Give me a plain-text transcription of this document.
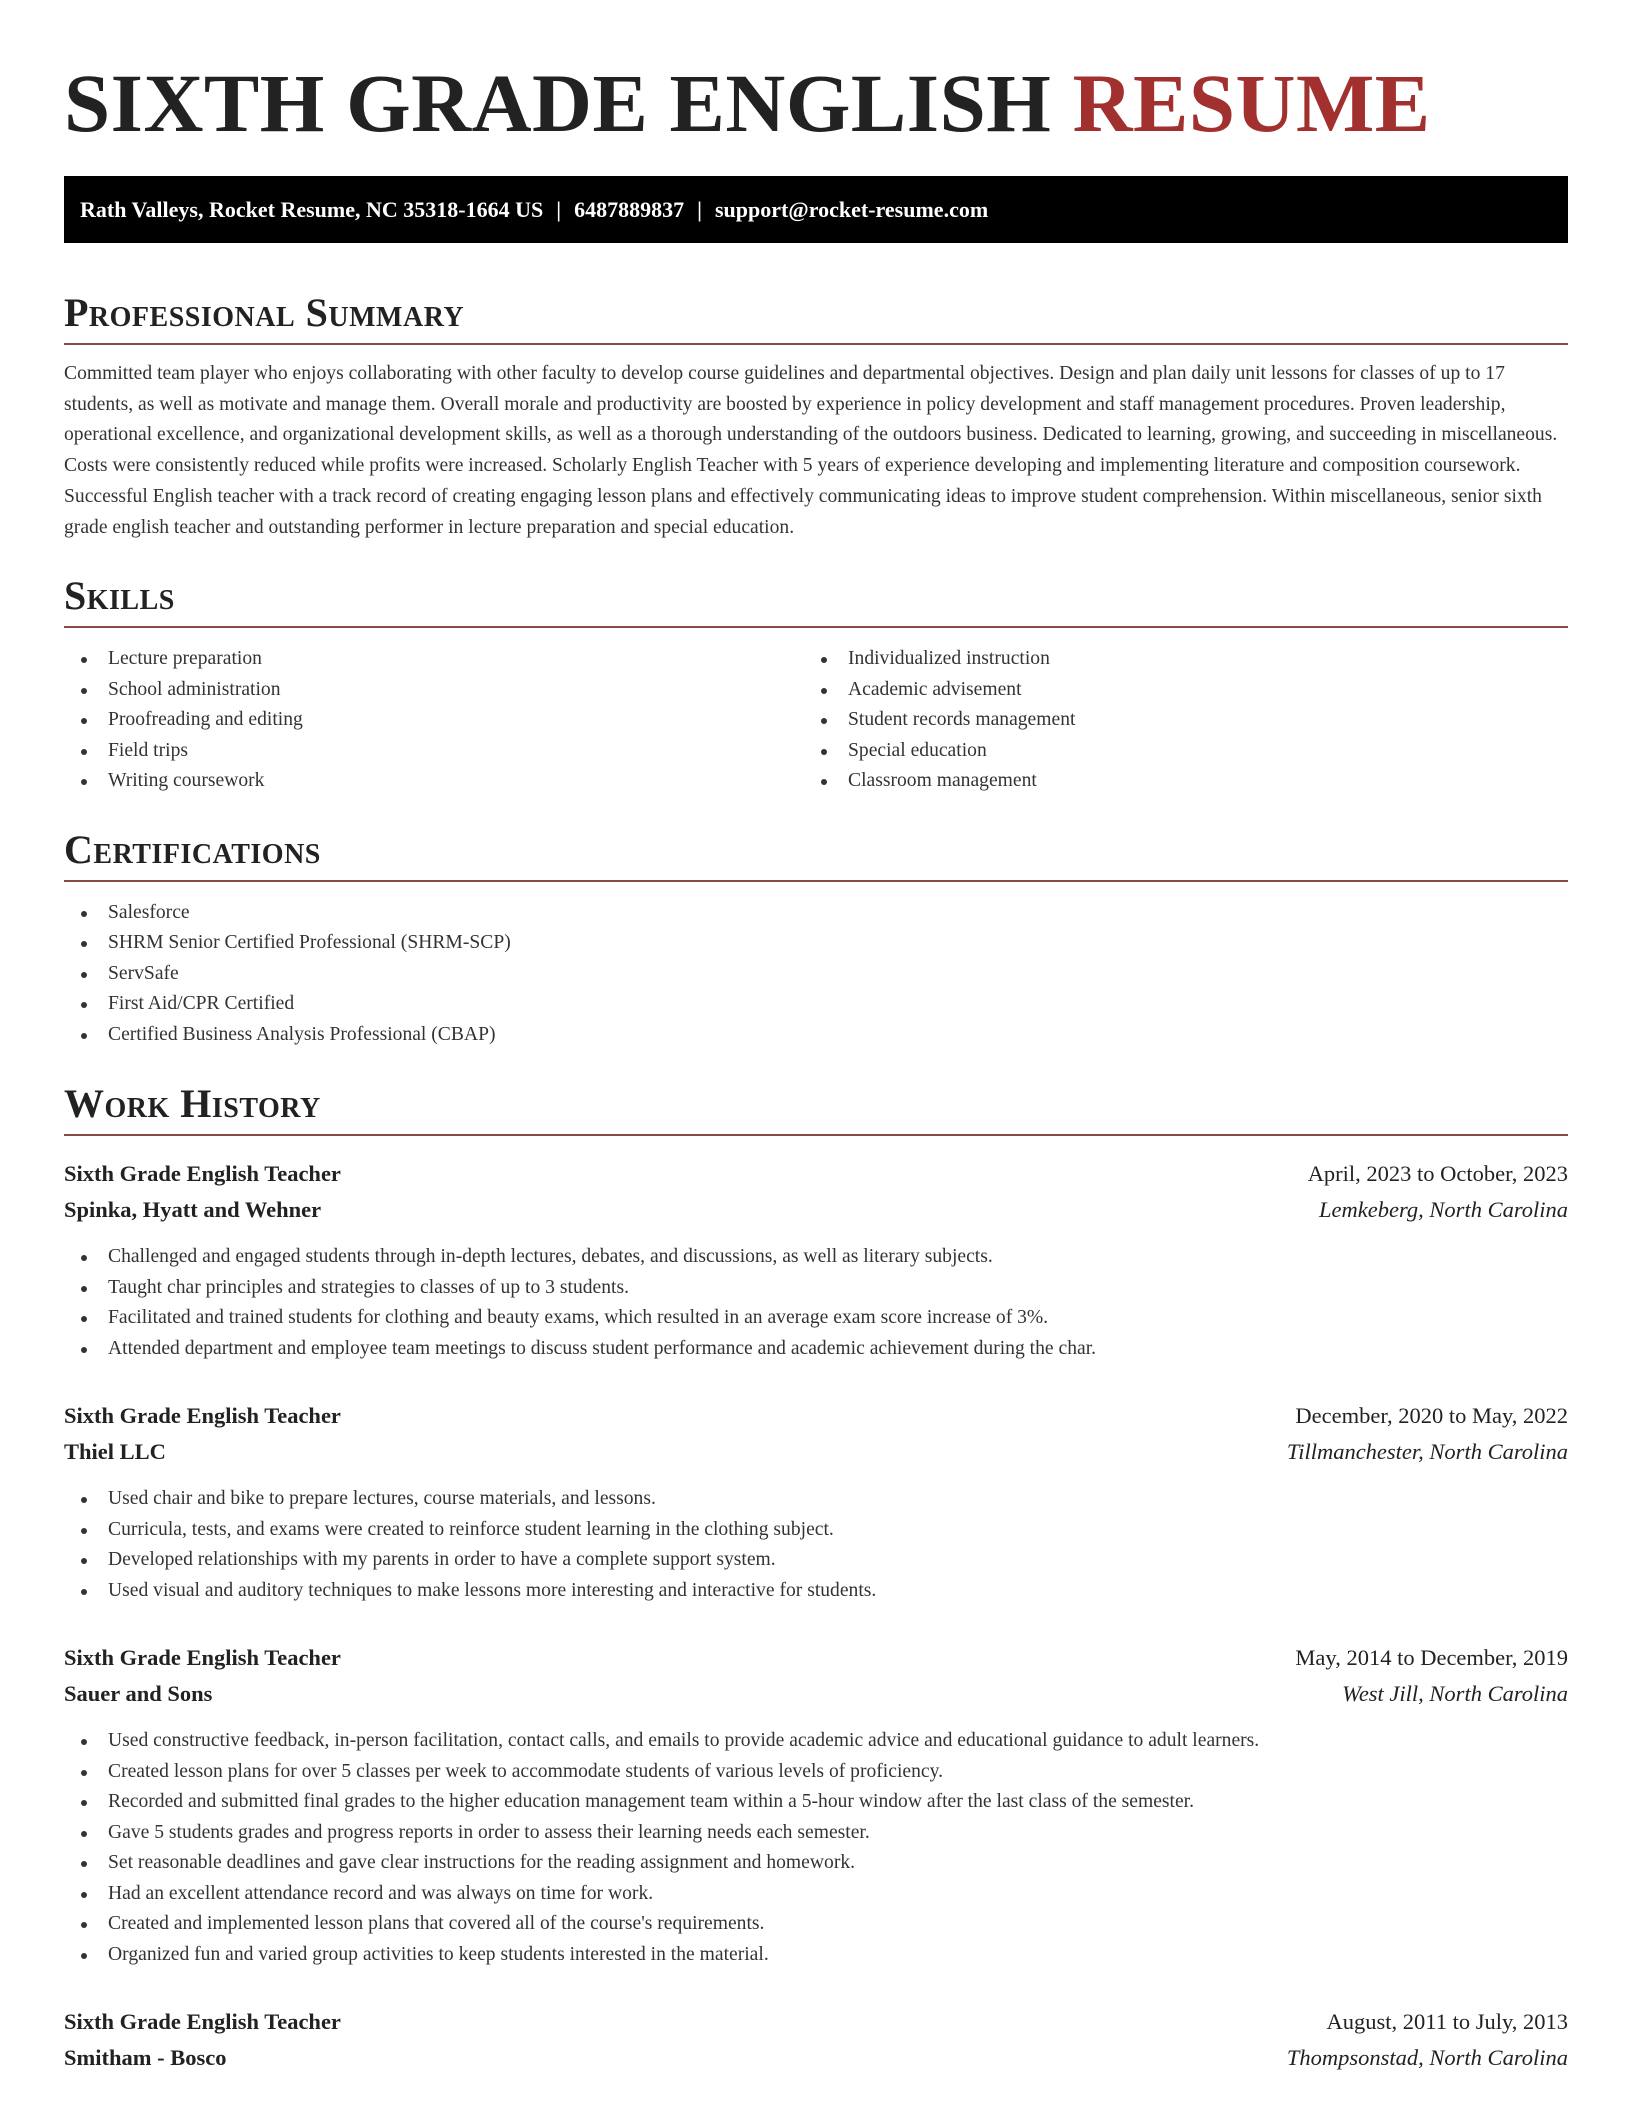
SIXTH GRADE ENGLISH RESUME
Rath Valleys, Rocket Resume, NC 35318-1664 US | 6487889837 | support@rocket-resume.com
Professional Summary

Committed team player who enjoys collaborating with other faculty to develop course guidelines and departmental objectives. Design and plan daily unit lessons for classes of up to 17 students, as well as motivate and manage them. Overall morale and productivity are boosted by experience in policy development and staff management procedures. Proven leadership, operational excellence, and organizational development skills, as well as a thorough understanding of the outdoors business. Dedicated to learning, growing, and succeeding in miscellaneous. Costs were consistently reduced while profits were increased. Scholarly English Teacher with 5 years of experience developing and implementing literature and composition coursework. Successful English teacher with a track record of creating engaging lesson plans and effectively communicating ideas to improve student comprehension. Within miscellaneous, senior sixth grade english teacher and outstanding performer in lecture preparation and special education.

Skills
Lecture preparation
School administration
Proofreading and editing
Field trips
Writing coursework
Individualized instruction
Academic advisement
Student records management
Special education
Classroom management
Certifications
Salesforce
SHRM Senior Certified Professional (SHRM-SCP)
ServSafe
First Aid/CPR Certified
Certified Business Analysis Professional (CBAP)
Work History
Sixth Grade English Teacher	April, 2023 to October, 2023
Spinka, Hyatt and Wehner	Lemkeberg, North Carolina
Challenged and engaged students through in-depth lectures, debates, and discussions, as well as literary subjects.
Taught char principles and strategies to classes of up to 3 students.
Facilitated and trained students for clothing and beauty exams, which resulted in an average exam score increase of 3%.
Attended department and employee team meetings to discuss student performance and academic achievement during the char.
Sixth Grade English Teacher	December, 2020 to May, 2022
Thiel LLC	Tillmanchester, North Carolina
Used chair and bike to prepare lectures, course materials, and lessons.
Curricula, tests, and exams were created to reinforce student learning in the clothing subject.
Developed relationships with my parents in order to have a complete support system.
Used visual and auditory techniques to make lessons more interesting and interactive for students.
Sixth Grade English Teacher	May, 2014 to December, 2019
Sauer and Sons	West Jill, North Carolina
Used constructive feedback, in-person facilitation, contact calls, and emails to provide academic advice and educational guidance to adult learners.
Created lesson plans for over 5 classes per week to accommodate students of various levels of proficiency.
Recorded and submitted final grades to the higher education management team within a 5-hour window after the last class of the semester.
Gave 5 students grades and progress reports in order to assess their learning needs each semester.
Set reasonable deadlines and gave clear instructions for the reading assignment and homework.
Had an excellent attendance record and was always on time for work.
Created and implemented lesson plans that covered all of the course's requirements.
Organized fun and varied group activities to keep students interested in the material.
Sixth Grade English Teacher	August, 2011 to July, 2013
Smitham - Bosco	Thompsonstad, North Carolina
